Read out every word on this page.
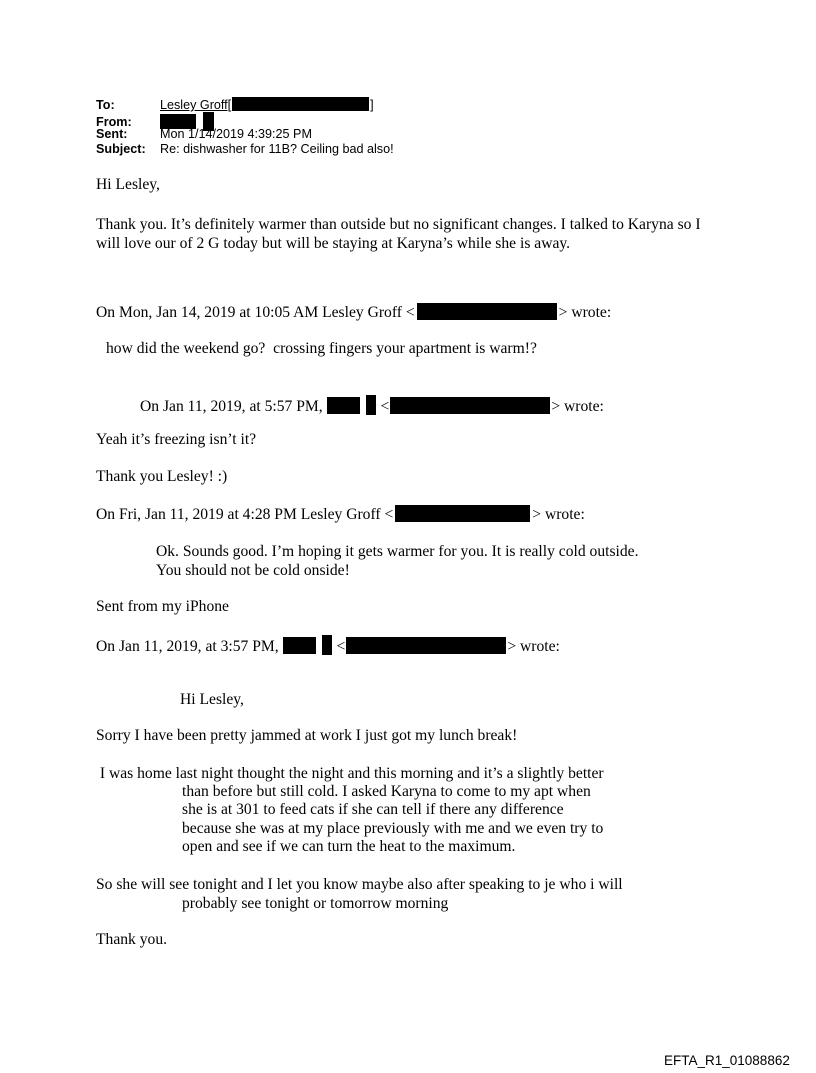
To:	Lesley Groff[	]
From:
Sent:	Mon 1/14/2019 4:39:25 PM
Subject: Re: dishwasher for 11B? Ceiling bad also!
Hi Lesley,
Thank you. It’s definitely warmer than outside but no significant changes. I talked to Karyna so I
will love our of 2 G today but will be staying at Karyna’s while she is away.
On Mon, Jan 14, 2019 at 10:05 AM Lesley Groff <	> wrote:
how did the weekend go?  crossing fingers your apartment is warm!?
On Jan 11, 2019, at 5:57 PM,	<	> wrote:
Yeah it’s freezing isn’t it?
Thank you Lesley! :)
On Fri, Jan 11, 2019 at 4:28 PM Lesley Groff <	> wrote:
Ok. Sounds good. I’m hoping it gets warmer for you. It is really cold outside.
You should not be cold onside!
Sent from my iPhone
On Jan 11, 2019, at 3:57 PM,	<	> wrote:
Hi Lesley,
Sorry I have been pretty jammed at work I just got my lunch break!
I was home last night thought the night and this morning and it’s a slightly better
than before but still cold. I asked Karyna to come to my apt when
she is at 301 to feed cats if she can tell if there any difference
because she was at my place previously with me and we even try to
open and see if we can turn the heat to the maximum.
So she will see tonight and I let you know maybe also after speaking to je who i will
probably see tonight or tomorrow morning
Thank you.
EFTA_R1_01088862
